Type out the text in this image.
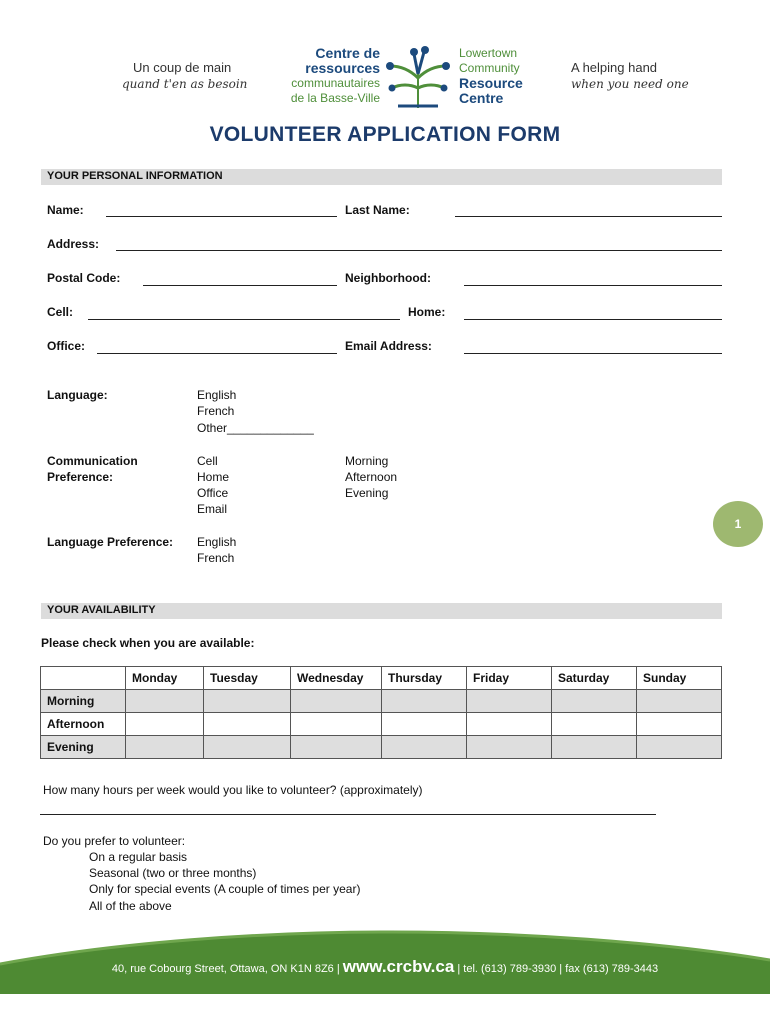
Un coup de main
quand t'en as besoin
Centre de
ressources
communautaires
de la Basse-Ville
Lowertown
Community
Resource
Centre
A helping hand
when you need one
VOLUNTEER APPLICATION FORM
YOUR PERSONAL INFORMATION
Name:	Last Name:
Address:
Postal Code:	Neighborhood:
Cell:	Home:
Office:	Email Address:
Language:	English
French
Other_____________
Communication
Preference:
Cell
Home
Office
Email
Morning
Afternoon
Evening
Language Preference: English
French
1
YOUR AVAILABILITY
Please check when you are available:
	Monday	Tuesday	Wednesday	Thursday	Friday	Saturday	Sunday
Morning							
Afternoon							
Evening							
How many hours per week would you like to volunteer? (approximately)
Do you prefer to volunteer:
On a regular basis
Seasonal (two or three months)
Only for special events (A couple of times per year)
All of the above
40, rue Cobourg Street, Ottawa, ON K1N 8Z6 | www.crcbv.ca | tel. (613) 789-3930 | fax (613) 789-3443
